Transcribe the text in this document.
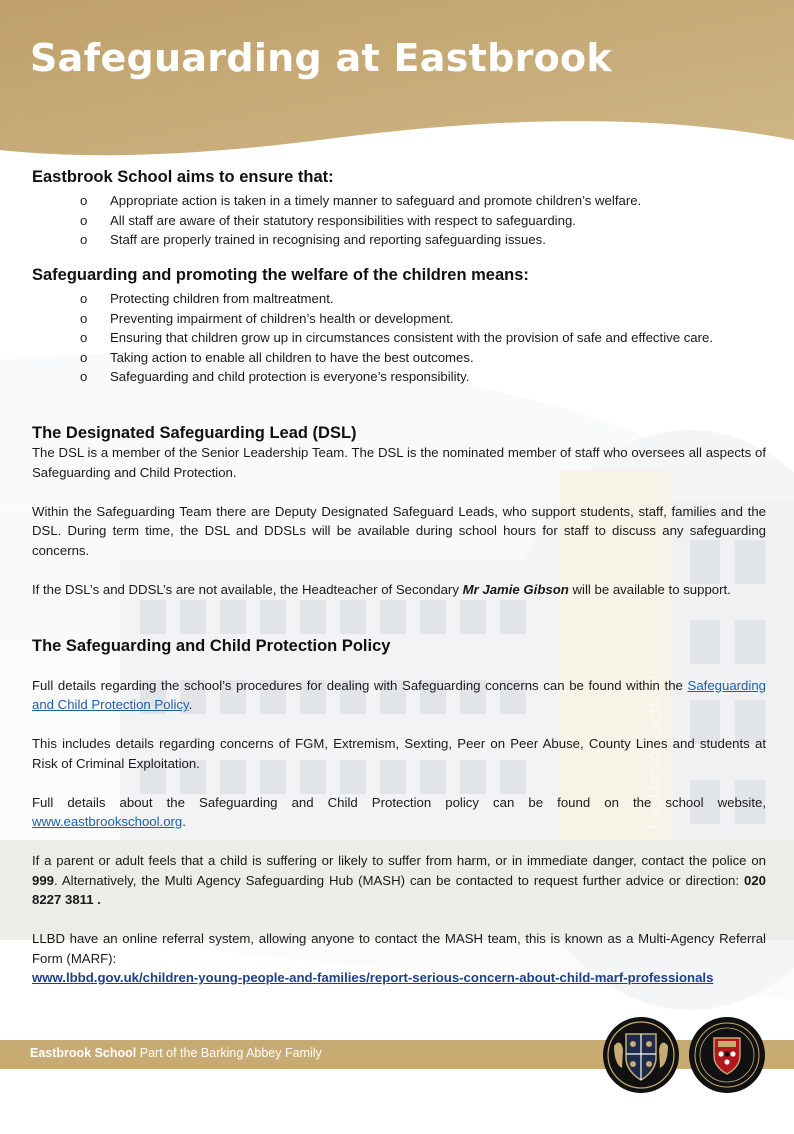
Eastbrook School
Safeguarding at Eastbrook
Eastbrook School aims to ensure that:
o Appropriate action is taken in a timely manner to safeguard and promote children’s welfare.
o All staff are aware of their statutory responsibilities with respect to safeguarding.
o Staff are properly trained in recognising and reporting safeguarding issues.
Safeguarding and promoting the welfare of the children means:
o Protecting children from maltreatment.
o Preventing impairment of children’s health or development.
o Ensuring that children grow up in circumstances consistent with the provision of safe and effective care.
o Taking action to enable all children to have the best outcomes.
o Safeguarding and child protection is everyone’s responsibility.
The Designated Safeguarding Lead (DSL)

The DSL is a member of the Senior Leadership Team. The DSL is the nominated member of staff who oversees all aspects of Safeguarding and Child Protection.

Within the Safeguarding Team there are Deputy Designated Safeguard Leads, who support students, staff, families and the DSL. During term time, the DSL and DDSLs will be available during school hours for staff to discuss any safeguarding concerns.

If the DSL’s and DDSL’s are not available, the Headteacher of Secondary Mr Jamie Gibson will be available to support.

The Safeguarding and Child Protection Policy

Full details regarding the school’s procedures for dealing with Safeguarding concerns can be found within the Safeguarding and Child Protection Policy.

This includes details regarding concerns of FGM, Extremism, Sexting, Peer on Peer Abuse, County Lines and students at Risk of Criminal Exploitation.

Full details about the Safeguarding and Child Protection policy can be found on the school website, www.eastbrookschool.org.

If a parent or adult feels that a child is suffering or likely to suffer from harm, or in immediate danger, contact the police on 999. Alternatively, the Multi Agency Safeguarding Hub (MASH) can be contacted to request further advice or direction: 020 8227 3811 .

LLBD have an online referral system, allowing anyone to contact the MASH team, this is known as a Multi-Agency Referral Form (MARF):

www.lbbd.gov.uk/children-young-people-and-families/report-serious-concern-about-child-marf-professionals

Eastbrook School Part of the Barking Abbey Family
